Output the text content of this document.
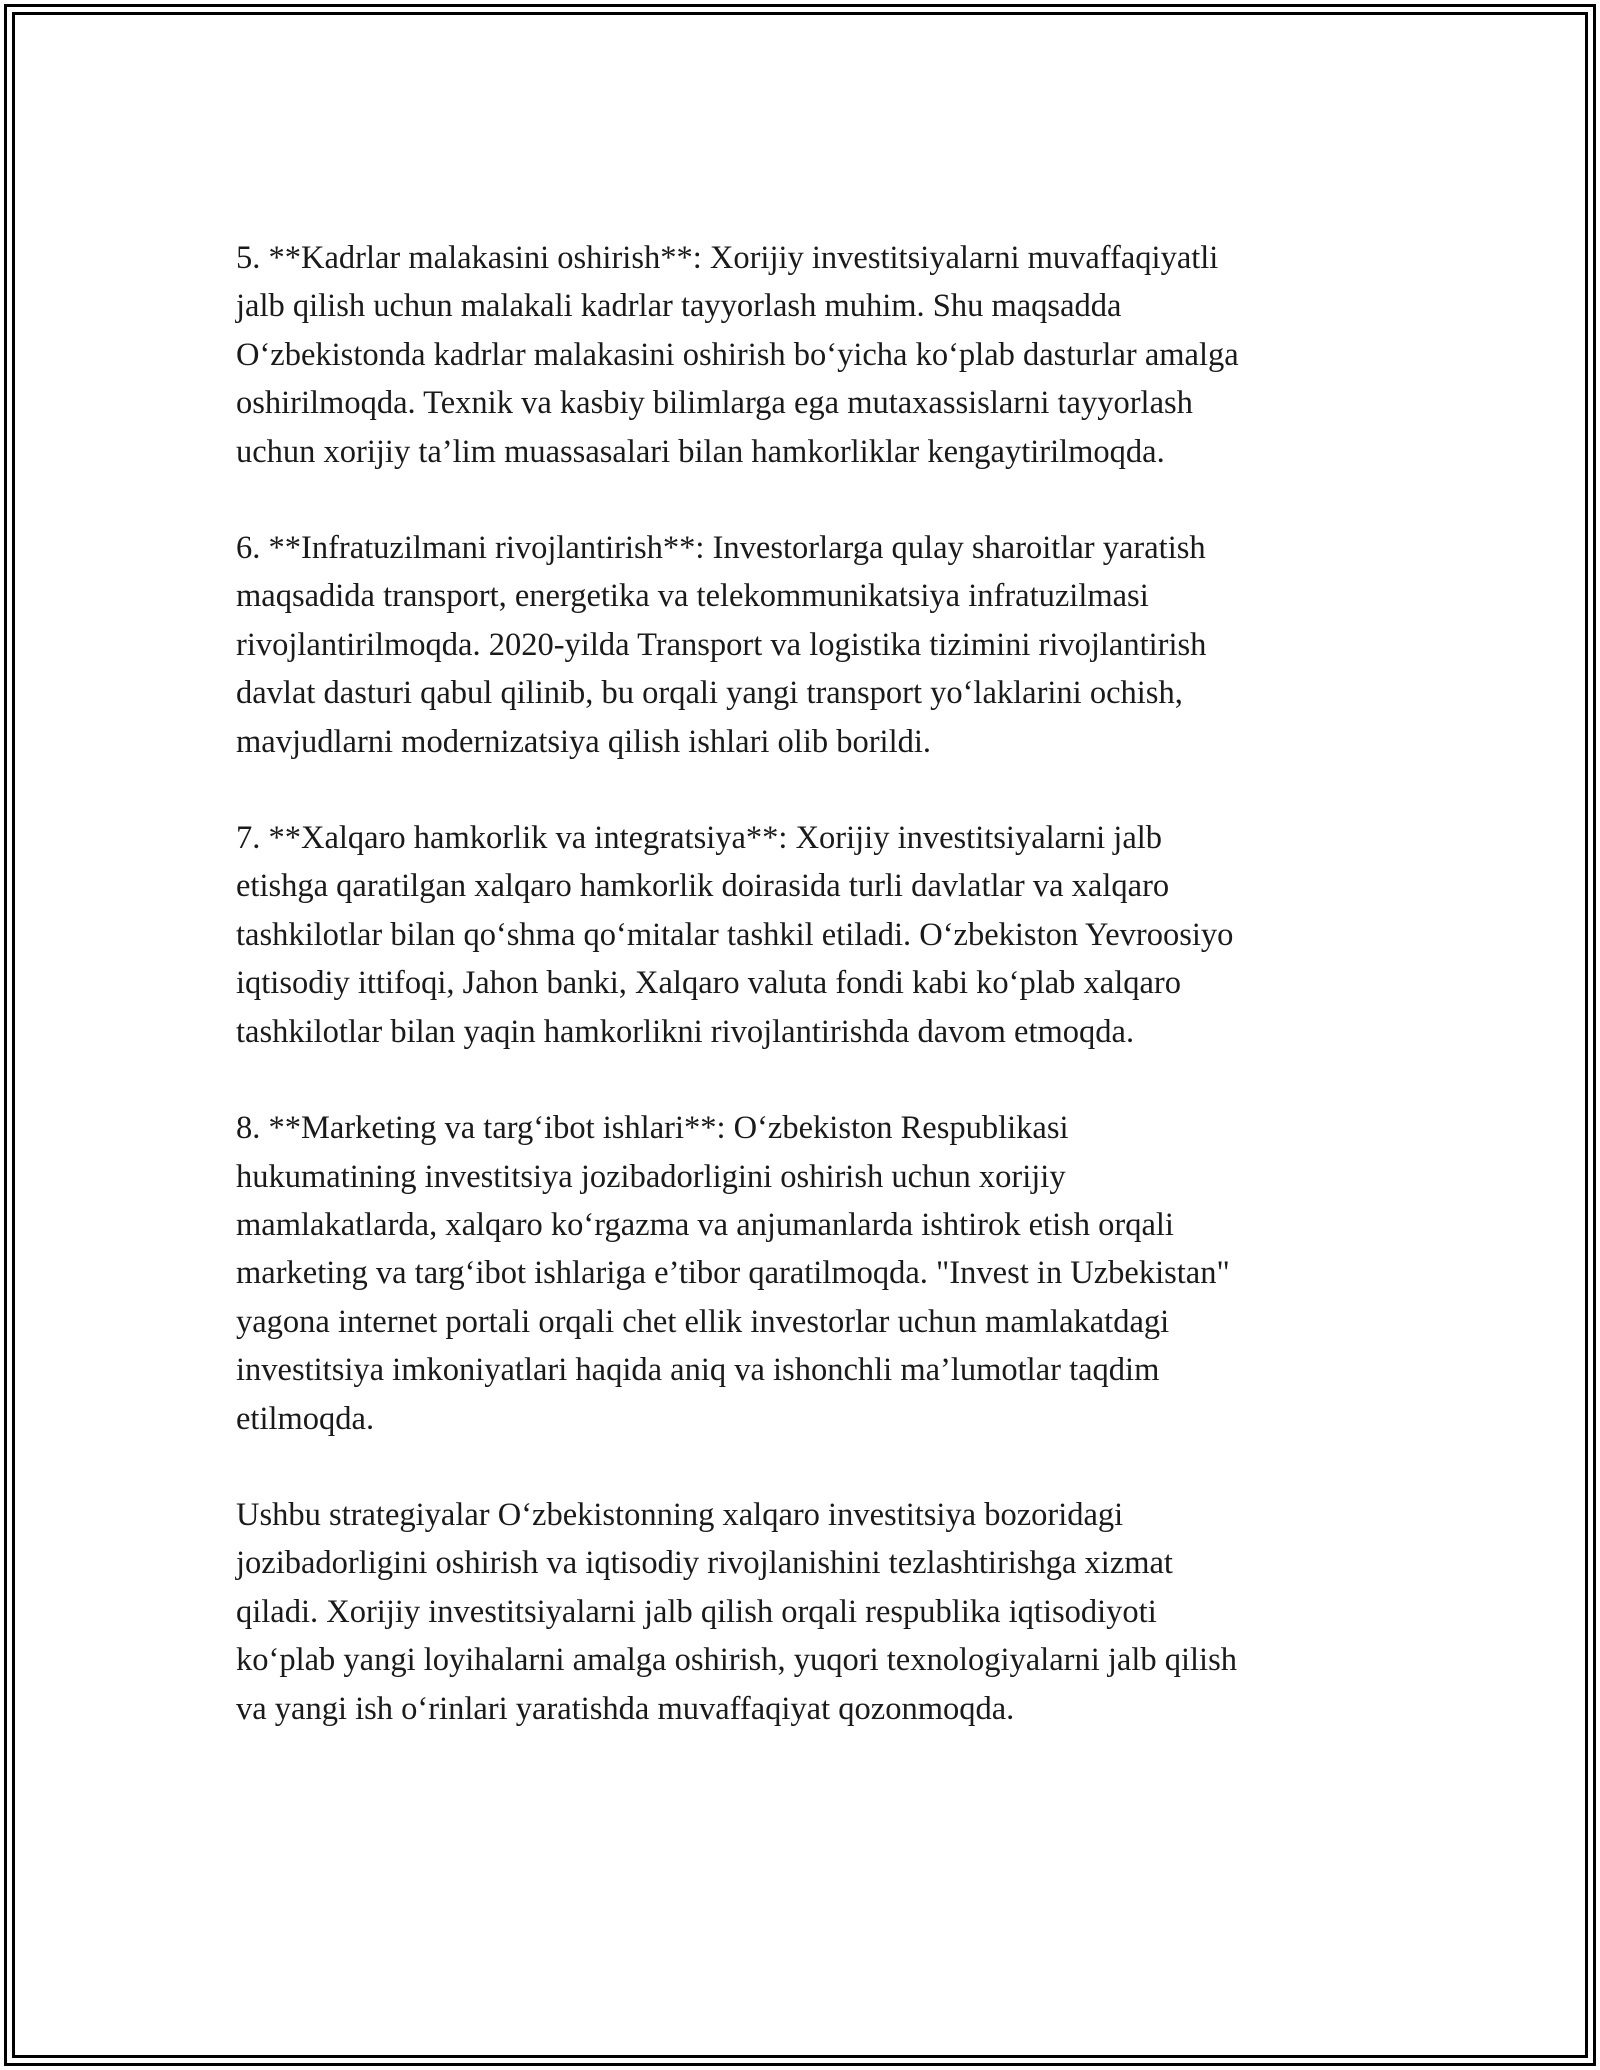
5. **Kadrlar malakasini oshirish**: Xorijiy investitsiyalarni muvaffaqiyatli
jalb qilish uchun malakali kadrlar tayyorlash muhim. Shu maqsadda
O‘zbekistonda kadrlar malakasini oshirish bo‘yicha ko‘plab dasturlar amalga
oshirilmoqda. Texnik va kasbiy bilimlarga ega mutaxassislarni tayyorlash
uchun xorijiy ta’lim muassasalari bilan hamkorliklar kengaytirilmoqda.

6. **Infratuzilmani rivojlantirish**: Investorlarga qulay sharoitlar yaratish
maqsadida transport, energetika va telekommunikatsiya infratuzilmasi
rivojlantirilmoqda. 2020-yilda Transport va logistika tizimini rivojlantirish
davlat dasturi qabul qilinib, bu orqali yangi transport yo‘laklarini ochish,
mavjudlarni modernizatsiya qilish ishlari olib borildi.

7. **Xalqaro hamkorlik va integratsiya**: Xorijiy investitsiyalarni jalb
etishga qaratilgan xalqaro hamkorlik doirasida turli davlatlar va xalqaro
tashkilotlar bilan qo‘shma qo‘mitalar tashkil etiladi. O‘zbekiston Yevroosiyo
iqtisodiy ittifoqi, Jahon banki, Xalqaro valuta fondi kabi ko‘plab xalqaro
tashkilotlar bilan yaqin hamkorlikni rivojlantirishda davom etmoqda.

8. **Marketing va targ‘ibot ishlari**: O‘zbekiston Respublikasi
hukumatining investitsiya jozibadorligini oshirish uchun xorijiy
mamlakatlarda, xalqaro ko‘rgazma va anjumanlarda ishtirok etish orqali
marketing va targ‘ibot ishlariga e’tibor qaratilmoqda. "Invest in Uzbekistan"
yagona internet portali orqali chet ellik investorlar uchun mamlakatdagi
investitsiya imkoniyatlari haqida aniq va ishonchli ma’lumotlar taqdim
etilmoqda.

Ushbu strategiyalar O‘zbekistonning xalqaro investitsiya bozoridagi
jozibadorligini oshirish va iqtisodiy rivojlanishini tezlashtirishga xizmat
qiladi. Xorijiy investitsiyalarni jalb qilish orqali respublika iqtisodiyoti
ko‘plab yangi loyihalarni amalga oshirish, yuqori texnologiyalarni jalb qilish
va yangi ish o‘rinlari yaratishda muvaffaqiyat qozonmoqda.
